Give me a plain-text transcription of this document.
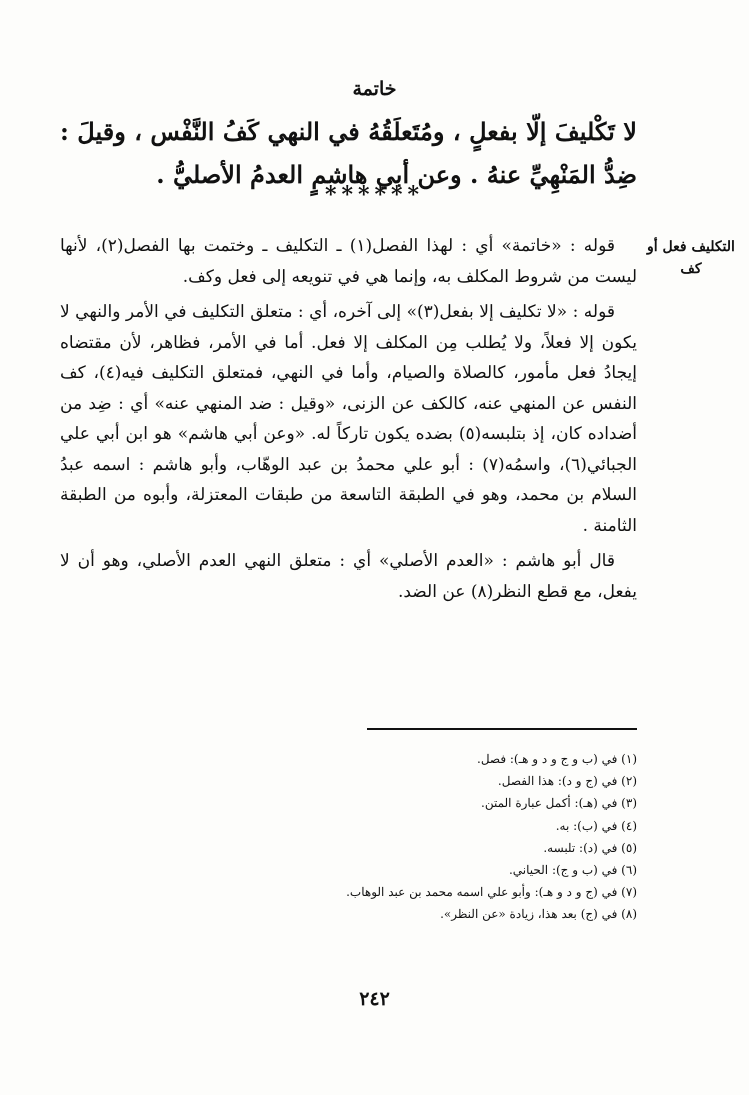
خاتمة
لا تَكْليفَ إلّا بفعلٍ ، ومُتَعلَقُهُ في النهي كَفُ النَّفْس ، وقيلَ : ضِدُّ المَنْهِيِّ عنهُ . وعن أبي هاشمٍ العدمُ الأصليُّ .
******
التكليف فعل أو كف

قوله : «خاتمة» أي : لهذا الفصل(١) ـ التكليف ـ وختمت بها الفصل(٢)، لأنها ليست من شروط المكلف به، وإنما هي في تنويعه إلى فعل وكف.

قوله : «لا تكليف إلا بفعل(٣)» إلى آخره، أي : متعلق التكليف في الأمر والنهي لا يكون إلا فعلاً، ولا يُطلب مِن المكلف إلا فعل. أما في الأمر، فظاهر، لأن مقتضاه إيجادُ فعل مأمور، كالصلاة والصيام، وأما في النهي، فمتعلق التكليف فيه(٤)، كف النفس عن المنهي عنه، كالكف عن الزنى، «وقيل : ضد المنهي عنه» أي : ضِد من أضداده كان، إذ بتلبسه(٥) بضده يكون تاركاً له. «وعن أبي هاشم» هو ابن أبي علي الجبائي(٦)، واسمُه(٧) : أبو علي محمدُ بن عبد الوهّاب، وأبو هاشم : اسمه عبدُ السلام بن محمد، وهو في الطبقة التاسعة من طبقات المعتزلة، وأبوه من الطبقة الثامنة .

قال أبو هاشم : «العدم الأصلي» أي : متعلق النهي العدم الأصلي، وهو أن لا يفعل، مع قطع النظر(٨) عن الضد.

(١) في (ب و ج و د و هـ): فصل.
(٢) في (ج و د): هذا الفصل.
(٣) في (هـ): أكمل عبارة المتن.
(٤) في (ب): به.
(٥) في (د): تلبسه.
(٦) في (ب و ج): الحياني.
(٧) في (ج و د و هـ): وأبو علي اسمه محمد بن عبد الوهاب.
(٨) في (ج) بعد هذا، زيادة «عن النظر».
٢٤٢
